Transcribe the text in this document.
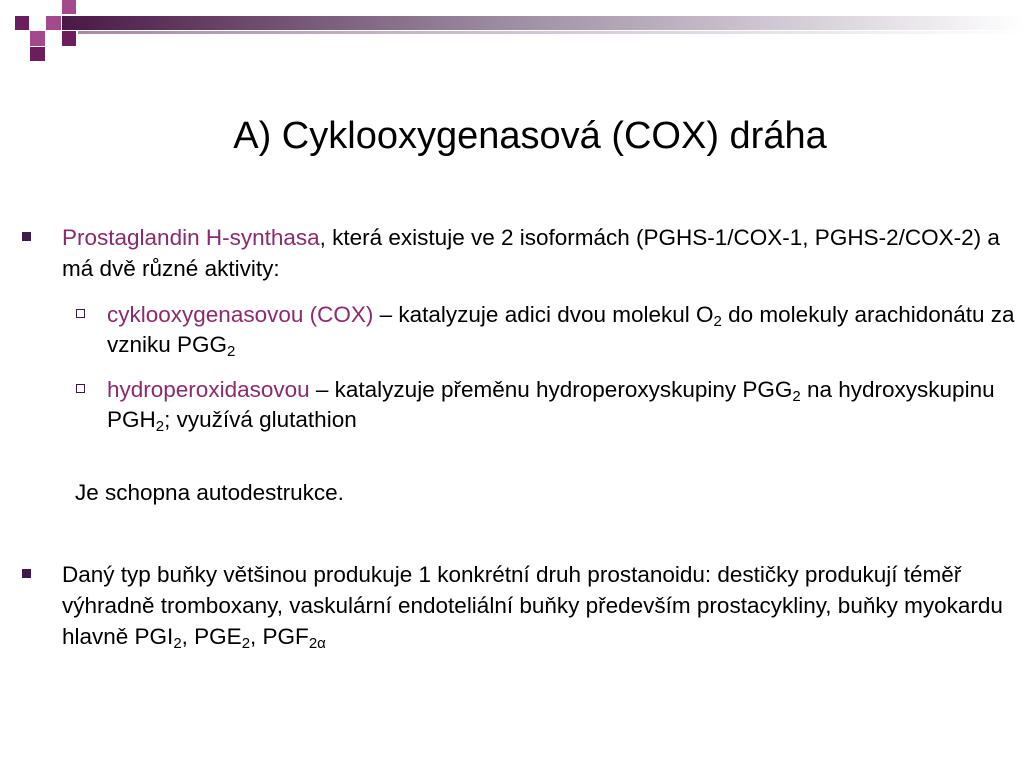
A) Cyklooxygenasová (COX) dráha
Prostaglandin H-synthasa, která existuje ve 2 isoformách (PGHS-1/COX-1, PGHS-2/COX-2) a má dvě různé aktivity:
cyklooxygenasovou (COX) – katalyzuje adici dvou molekul $O_2$ do molekuly arachidonátu za vzniku $PGG_2$
hydroperoxidasovou – katalyzuje přeměnu hydroperoxyskupiny $PGG_2$ na hydroxyskupinu $PGH_2$; využívá glutathion
Je schopna autodestrukce.
Daný typ buňky většinou produkuje 1 konkrétní druh prostanoidu: destičky produkují téměř výhradně tromboxany, vaskulární endoteliální buňky především prostacykliny, buňky myokardu hlavně $PGI_2$, $PGE_2$, $PGF_{2\alpha}$
